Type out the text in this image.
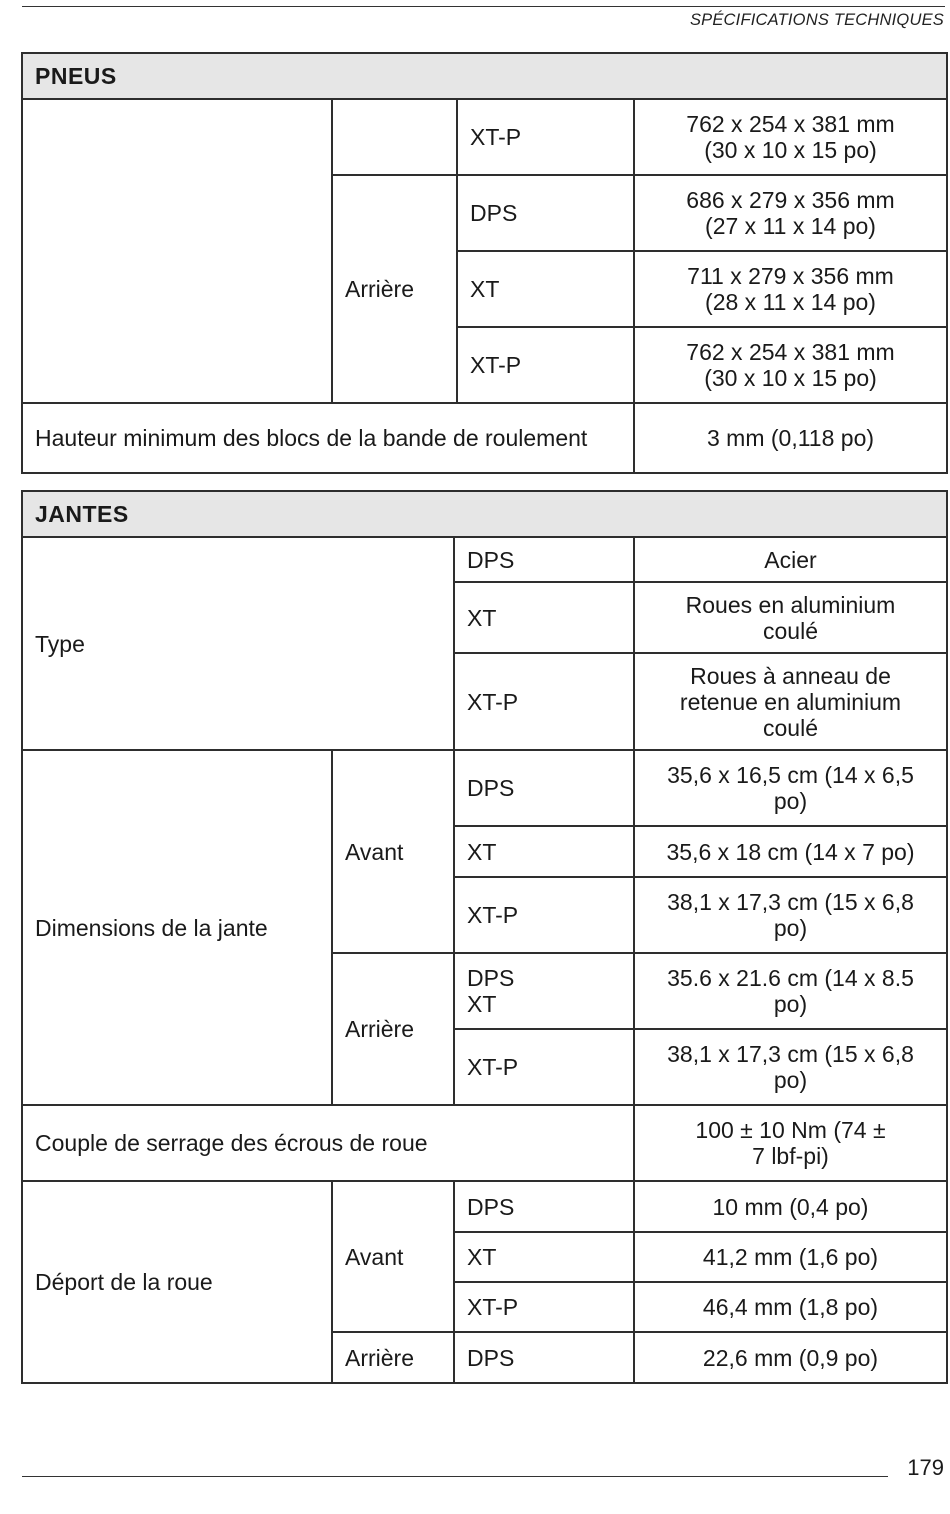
SPÉCIFICATIONS TECHNIQUES
PNEUS			
		XT-P	762 x 254 x 381 mm
(30 x 10 x 15 po)

	Arrière	DPS	686 x 279 x 356 mm
(27 x 11 x 14 po)

		XT	711 x 279 x 356 mm
(28 x 11 x 14 po)

		XT-P	762 x 254 x 381 mm
(30 x 10 x 15 po)

Hauteur minimum des blocs de la bande de roulement			3 mm (0,118 po)
JANTES			
Type		DPS	Acier

		XT	Roues en aluminium
coulé

		XT-P	Roues à anneau de
retenue en aluminium
coulé

Dimensions de la jante	Avant	DPS	35,6 x 16,5 cm (14 x 6,5
po)

		XT	35,6 x 18 cm (14 x 7 po)

		XT-P	38,1 x 17,3 cm (15 x 6,8
po)

	Arrière	DPS
XT	35.6 x 21.6 cm (14 x 8.5
po)

		XT-P	38,1 x 17,3 cm (15 x 6,8
po)

Couple de serrage des écrous de roue			100 ± 10 Nm (74 ±
7 lbf-pi)

Déport de la roue	Avant	DPS	10 mm (0,4 po)
		XT	41,2 mm (1,6 po)
		XT-P	46,4 mm (1,8 po)
	Arrière	DPS	22,6 mm (0,9 po)
179
